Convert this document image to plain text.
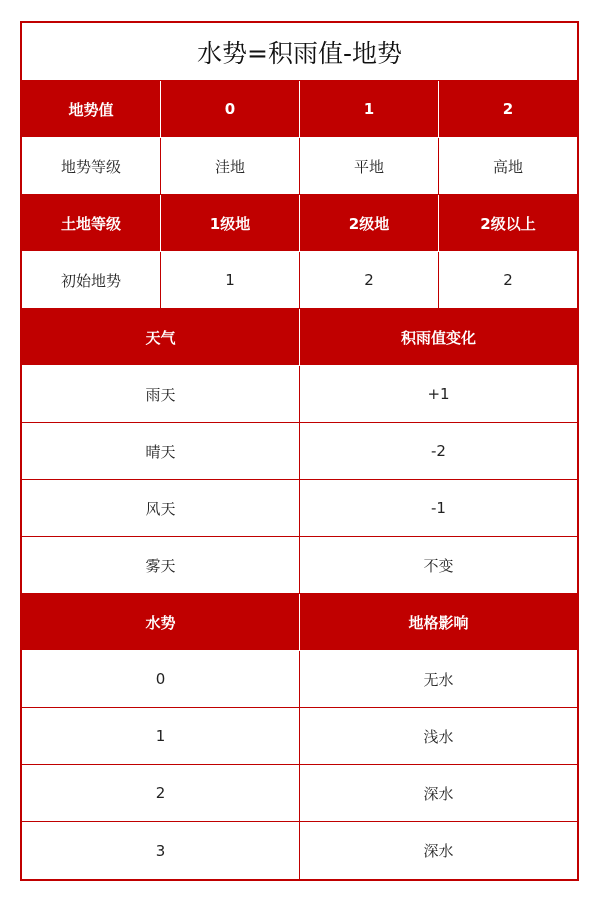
水势=积雨值-地势
地势值	0	1	2
地势等级	洼地	平地	高地
土地等级	1级地	2级地	2级以上
初始地势	1	2	2
天气	积雨值变化
雨天	+1
晴天	-2
风天	-1
雾天	不变
水势	地格影响
0	无水
1	浅水
2	深水
3	深水
